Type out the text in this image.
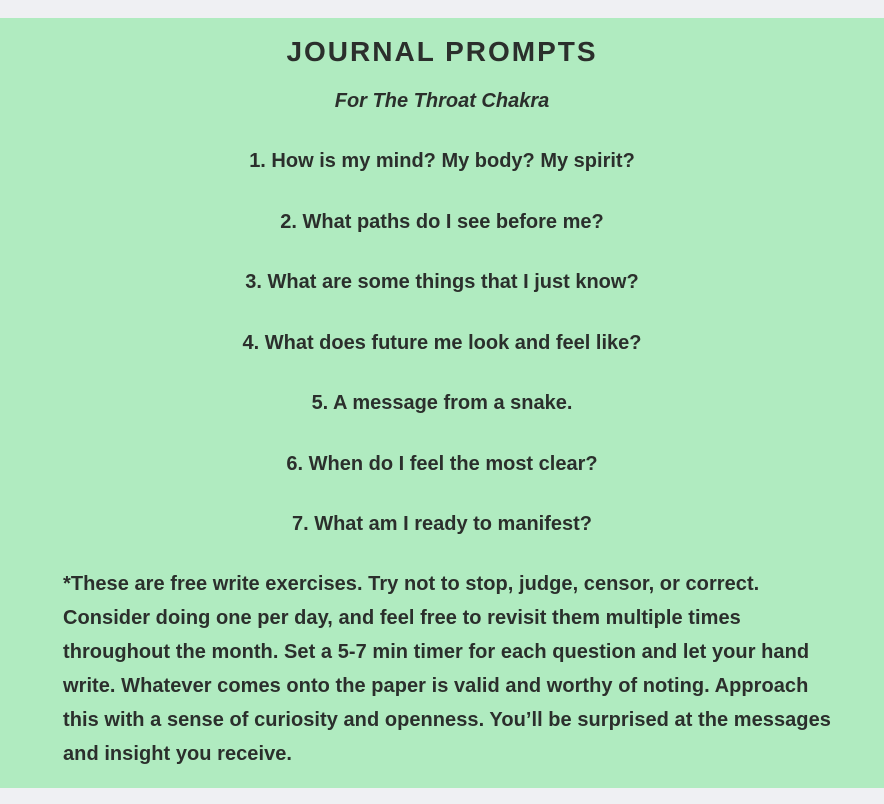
JOURNAL PROMPTS
For The Throat Chakra
1. How is my mind? My body? My spirit?
2. What paths do I see before me?
3. What are some things that I just know?
4. What does future me look and feel like?
5. A message from a snake.
6. When do I feel the most clear?
7. What am I ready to manifest?

*These are free write exercises. Try not to stop, judge, censor, or correct. Consider doing one per day, and feel free to revisit them multiple times throughout the month. Set a 5-7 min timer for each question and let your hand write. Whatever comes onto the paper is valid and worthy of noting. Approach this with a sense of curiosity and openness. You’ll be surprised at the messages and insight you receive.
